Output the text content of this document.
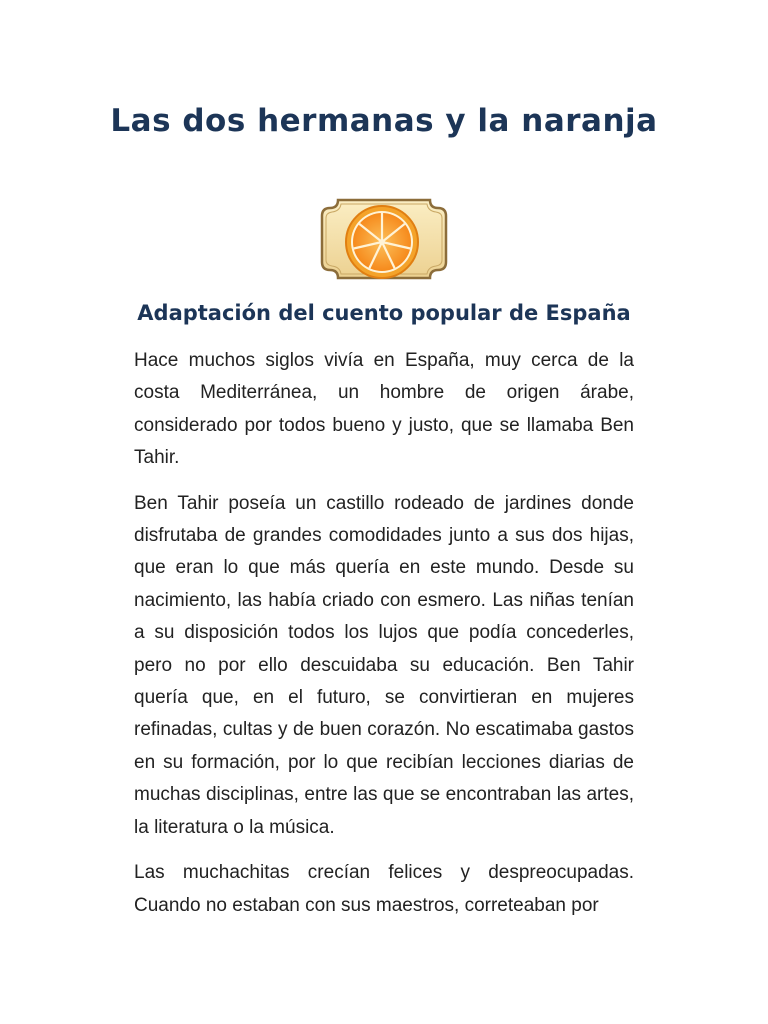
Las dos hermanas y la naranja
Adaptación del cuento popular de España

Hace muchos siglos vivía en España, muy cerca de la costa Mediterránea, un hombre de origen árabe, considerado por todos bueno y justo, que se llamaba Ben Tahir.

Ben Tahir poseía un castillo rodeado de jardines donde disfrutaba de grandes comodidades junto a sus dos hijas, que eran lo que más quería en este mundo. Desde su nacimiento, las había criado con esmero. Las niñas tenían a su disposición todos los lujos que podía concederles, pero no por ello descuidaba su educación. Ben Tahir quería que, en el futuro, se convirtieran en mujeres refinadas, cultas y de buen corazón. No escatimaba gastos en su formación, por lo que recibían lecciones diarias de muchas disciplinas, entre las que se encontraban las artes, la literatura o la música.

Las muchachitas crecían felices y despreocupadas. Cuando no estaban con sus maestros, correteaban por
